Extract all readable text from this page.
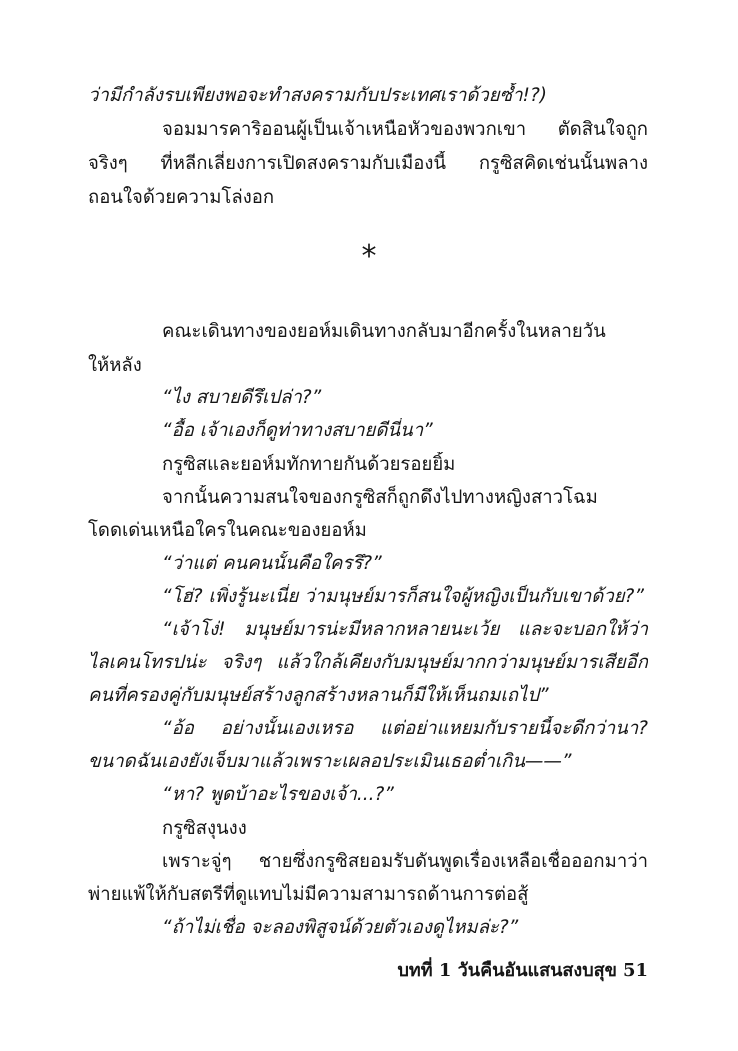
ว่ามีกำลังรบเพียงพอจะทำสงครามกับประเทศเราด้วยซ้ำ!?)
จอมมารคาริออนผู้เป็นเจ้าเหนือหัวของพวกเขา ตัดสินใจถูก
จริงๆ ที่หลีกเลี่ยงการเปิดสงครามกับเมืองนี้ กรูซิสคิดเช่นนั้นพลาง
ถอนใจด้วยความโล่งอก
*
คณะเดินทางของยอห์มเดินทางกลับมาอีกครั้งในหลายวัน
ให้หลัง
“ไง สบายดีรึเปล่า?”
“อื้อ เจ้าเองก็ดูท่าทางสบายดีนี่นา”
กรูซิสและยอห์มทักทายกันด้วยรอยยิ้ม
จากนั้นความสนใจของกรูซิสก็ถูกดึงไปทางหญิงสาวโฉม
โดดเด่นเหนือใครในคณะของยอห์ม
“ว่าแต่ คนคนนั้นคือใครรึ?”
“โฮ่? เพิ่งรู้นะเนี่ย ว่ามนุษย์มารก็สนใจผู้หญิงเป็นกับเขาด้วย?”
“เจ้าโง่! มนุษย์มารน่ะมีหลากหลายนะเว้ย และจะบอกให้ว่า
ไลเคนโทรปน่ะ จริงๆ แล้วใกล้เคียงกับมนุษย์มากกว่ามนุษย์มารเสียอีก
คนที่ครองคู่กับมนุษย์สร้างลูกสร้างหลานก็มีให้เห็นถมเถไป”
“อ้อ อย่างนั้นเองเหรอ แต่อย่าแหยมกับรายนี้จะดีกว่านา?
ขนาดฉันเองยังเจ็บมาแล้วเพราะเผลอประเมินเธอต่ำเกิน——”
“หา? พูดบ้าอะไรของเจ้า...?”
กรูซิสงุนงง
เพราะจู่ๆ ชายซึ่งกรูซิสยอมรับดันพูดเรื่องเหลือเชื่อออกมาว่า
พ่ายแพ้ให้กับสตรีที่ดูแทบไม่มีความสามารถด้านการต่อสู้
“ถ้าไม่เชื่อ จะลองพิสูจน์ด้วยตัวเองดูไหมล่ะ?”
บทที่ 1 วันคืนอันแสนสงบสุข 51
